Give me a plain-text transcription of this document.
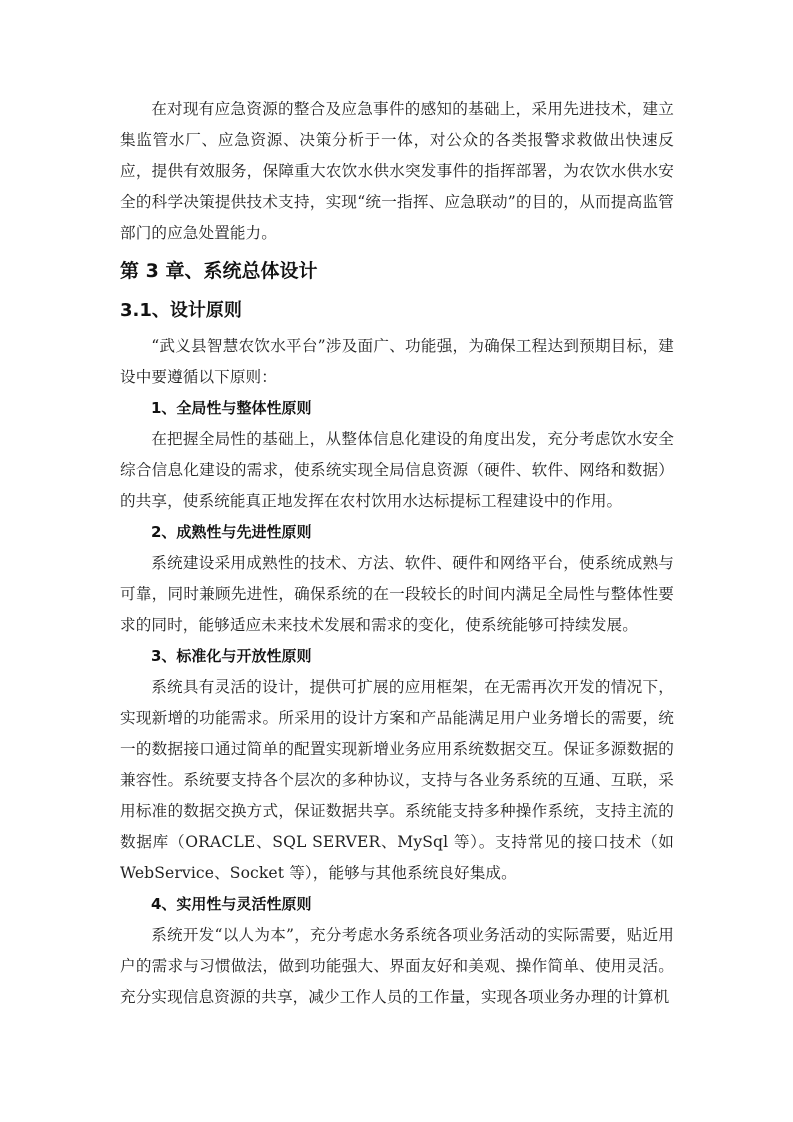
在对现有应急资源的整合及应急事件的感知的基础上，采用先进技术，建立集监管水厂、应急资源、决策分析于一体，对公众的各类报警求救做出快速反应，提供有效服务，保障重大农饮水供水突发事件的指挥部署，为农饮水供水安全的科学决策提供技术支持，实现“统一指挥、应急联动”的目的，从而提高监管部门的应急处置能力。

第 3 章、系统总体设计
3.1、设计原则

“武义县智慧农饮水平台”涉及面广、功能强，为确保工程达到预期目标，建设中要遵循以下原则：

1、全局性与整体性原则

在把握全局性的基础上，从整体信息化建设的角度出发，充分考虑饮水安全综合信息化建设的需求，使系统实现全局信息资源（硬件、软件、网络和数据）的共享，使系统能真正地发挥在农村饮用水达标提标工程建设中的作用。

2、成熟性与先进性原则

系统建设采用成熟性的技术、方法、软件、硬件和网络平台，使系统成熟与可靠，同时兼顾先进性，确保系统的在一段较长的时间内满足全局性与整体性要求的同时，能够适应未来技术发展和需求的变化，使系统能够可持续发展。

3、标准化与开放性原则

系统具有灵活的设计，提供可扩展的应用框架，在无需再次开发的情况下，实现新增的功能需求。所采用的设计方案和产品能满足用户业务增长的需要，统一的数据接口通过简单的配置实现新增业务应用系统数据交互。保证多源数据的兼容性。系统要支持各个层次的多种协议，支持与各业务系统的互通、互联，采用标准的数据交换方式，保证数据共享。系统能支持多种操作系统，支持主流的数据库（ORACLE、SQL SERVER、MySql 等）。支持常见的接口技术（如 WebService、Socket 等），能够与其他系统良好集成。

4、实用性与灵活性原则

系统开发“以人为本”，充分考虑水务系统各项业务活动的实际需要，贴近用户的需求与习惯做法，做到功能强大、界面友好和美观、操作简单、使用灵活。充分实现信息资源的共享，减少工作人员的工作量，实现各项业务办理的计算机
